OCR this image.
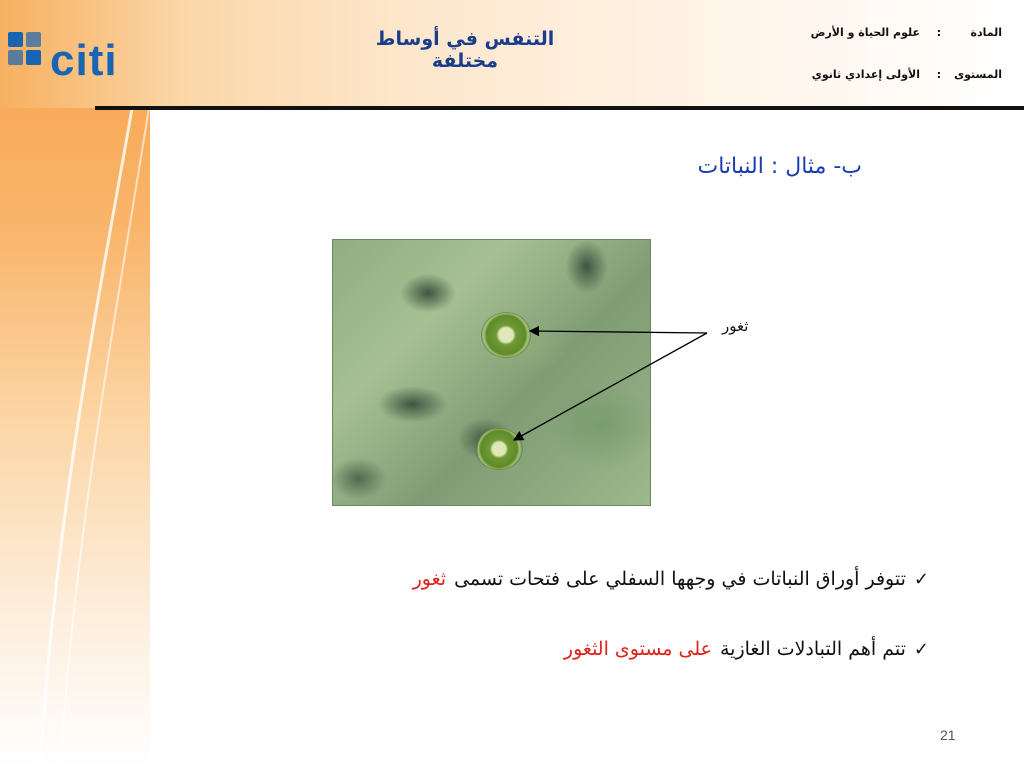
citi	التنفس في أوساط مختلفة
المادة
:
علوم الحياة و الأرض
المستوى
:
الأولى إعدادي ثانوي
ب- مثال : النباتات
ثغور
✓
تتوفر أوراق النباتات في وجهها السفلي على فتحات تسمى
ثغور
✓
تتم أهم التبادلات الغازية
على مستوى الثغور
21
